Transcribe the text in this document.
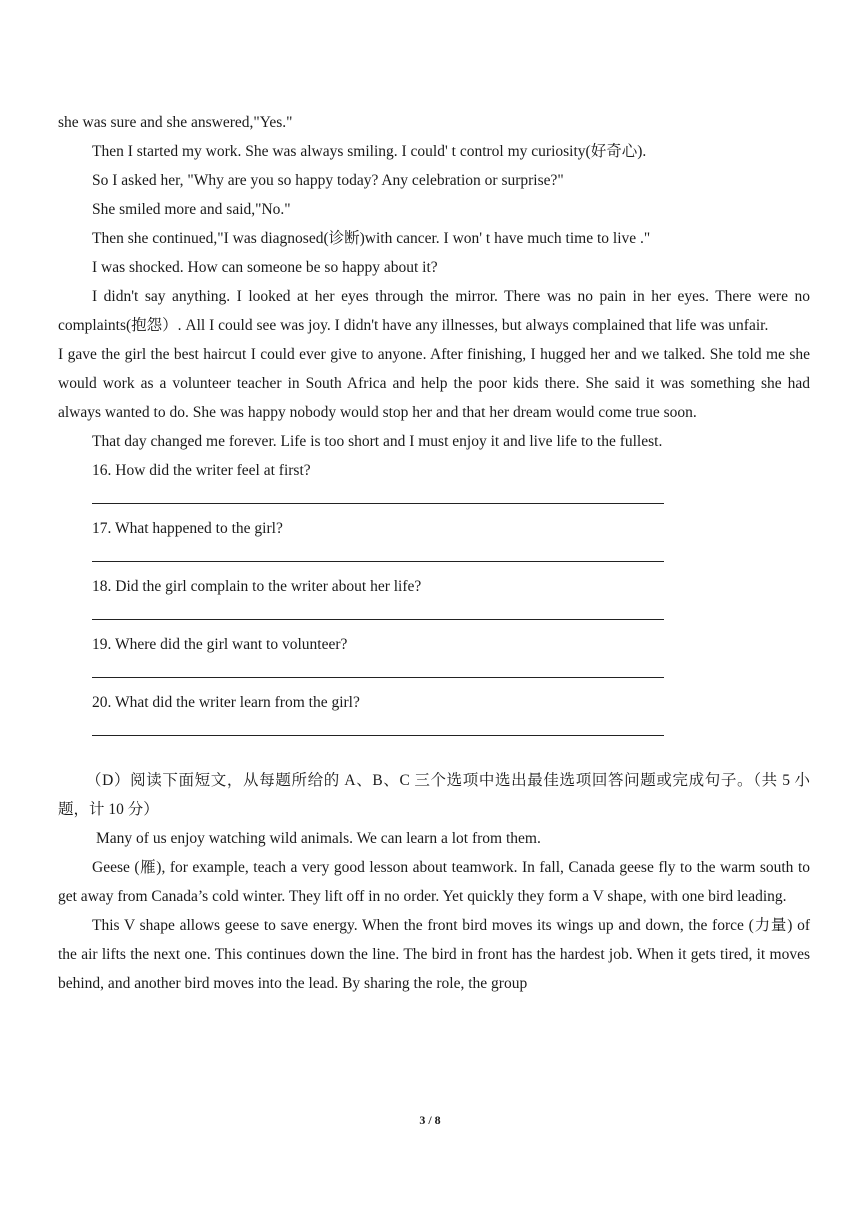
she was sure and she answered,"Yes."

Then I started my work. She was always smiling. I could' t control my curiosity(好奇心).

So I asked her, "Why are you so happy today? Any celebration or surprise?"

She smiled more and said,"No."

Then she continued,"I was diagnosed(诊断)with cancer. I won' t have much time to live ."

I was shocked. How can someone be so happy about it?

I didn't say anything. I looked at her eyes through the mirror. There was no pain in her eyes. There were no complaints(抱怨）. All I could see was joy. I didn't have any illnesses, but always complained that life was unfair.

I gave the girl the best haircut I could ever give to anyone. After finishing, I hugged her and we talked. She told me she would work as a volunteer teacher in South Africa and help the poor kids there. She said it was something she had always wanted to do. She was happy nobody would stop her and that her dream would come true soon.

That day changed me forever. Life is too short and I must enjoy it and live life to the fullest.

16. How did the writer feel at first?

17. What happened to the girl?

18. Did the girl complain to the writer about her life?

19. Where did the girl want to volunteer?

20. What did the writer learn from the girl?

（D）阅读下面短文，从每题所给的 A、B、C 三个选项中选出最佳选项回答问题或完成句子。（共 5 小题，计 10 分）

Many of us enjoy watching wild animals. We can learn a lot from them.

Geese (雁), for example, teach a very good lesson about teamwork. In fall, Canada geese fly to the warm south to get away from Canada’s cold winter. They lift off in no order. Yet quickly they form a V shape, with one bird leading.

This V shape allows geese to save energy. When the front bird moves its wings up and down, the force (力量) of the air lifts the next one. This continues down the line. The bird in front has the hardest job. When it gets tired, it moves behind, and another bird moves into the lead. By sharing the role, the group

3 / 8
